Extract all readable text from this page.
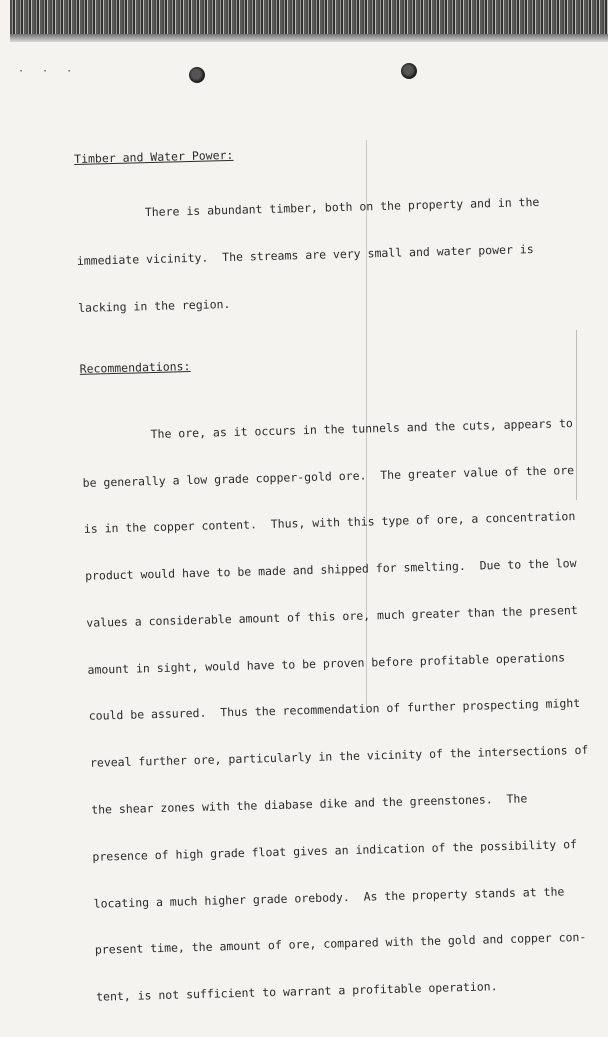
· · ·
Timber and Water Power:

There is abundant timber, both on the property and in the

immediate vicinity.  The streams are very small and water power is

lacking in the region.

Recommendations:

The ore, as it occurs in the tunnels and the cuts, appears to

be generally a low grade copper-gold ore.  The greater value of the ore

is in the copper content.  Thus, with this type of ore, a concentration

product would have to be made and shipped for smelting.  Due to the low

values a considerable amount of this ore, much greater than the present

amount in sight, would have to be proven before profitable operations

could be assured.  Thus the recommendation of further prospecting might

reveal further ore, particularly in the vicinity of the intersections of

the shear zones with the diabase dike and the greenstones.  The

presence of high grade float gives an indication of the possibility of

locating a much higher grade orebody.  As the property stands at the

present time, the amount of ore, compared with the gold and copper con-

tent, is not sufficient to warrant a profitable operation.
